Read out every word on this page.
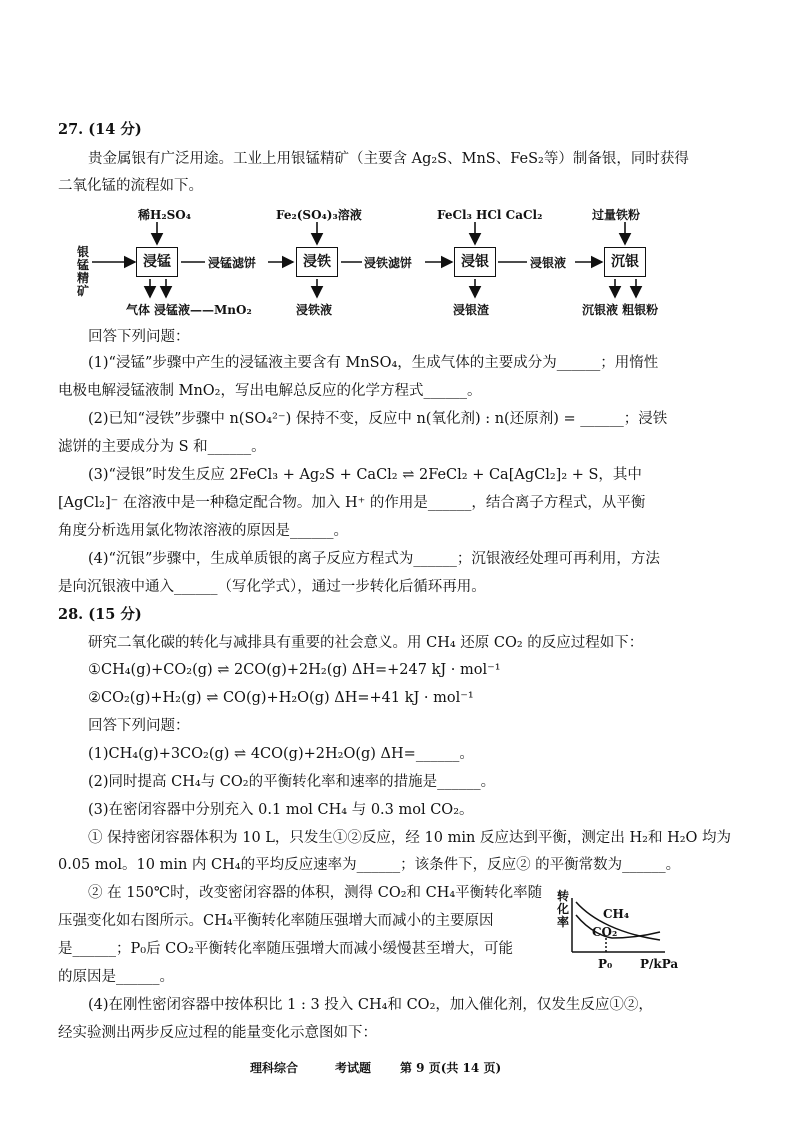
27. (14 分)
贵金属银有广泛用途。工业上用银锰精矿（主要含 Ag₂S、MnS、FeS₂等）制备银，同时获得
二氧化锰的流程如下。
稀H₂SO₄	Fe₂(SO₄)₃溶液	FeCl₃ HCl CaCl₂	过量铁粉
银锰精矿
浸锰	浸铁	浸银	沉银
浸锰滤饼	浸铁滤饼	浸银液
气体 浸锰液——MnO₂	浸铁液	浸银渣	沉银液 粗银粉
回答下列问题：
(1)“浸锰”步骤中产生的浸锰液主要含有 MnSO₄，生成气体的主要成分为______；用惰性
电极电解浸锰液制 MnO₂，写出电解总反应的化学方程式______。
(2)已知“浸铁”步骤中 n(SO₄²⁻) 保持不变，反应中 n(氧化剂) : n(还原剂) = ______；浸铁
滤饼的主要成分为 S 和______。
(3)“浸银”时发生反应 2FeCl₃ + Ag₂S + CaCl₂ ⇌ 2FeCl₂ + Ca[AgCl₂]₂ + S，其中
[AgCl₂]⁻ 在溶液中是一种稳定配合物。加入 H⁺ 的作用是______，结合离子方程式，从平衡
角度分析选用氯化物浓溶液的原因是______。
(4)“沉银”步骤中，生成单质银的离子反应方程式为______；沉银液经处理可再利用，方法
是向沉银液中通入______（写化学式），通过一步转化后循环再用。
28. (15 分)
研究二氧化碳的转化与减排具有重要的社会意义。用 CH₄ 还原 CO₂ 的反应过程如下：
①CH₄(g)+CO₂(g) ⇌ 2CO(g)+2H₂(g) ΔH=+247 kJ · mol⁻¹
②CO₂(g)+H₂(g) ⇌ CO(g)+H₂O(g) ΔH=+41 kJ · mol⁻¹
回答下列问题：
(1)CH₄(g)+3CO₂(g) ⇌ 4CO(g)+2H₂O(g) ΔH=______。
(2)同时提高 CH₄与 CO₂的平衡转化率和速率的措施是______。
(3)在密闭容器中分别充入 0.1 mol CH₄ 与 0.3 mol CO₂。
① 保持密闭容器体积为 10 L，只发生①②反应，经 10 min 反应达到平衡，测定出 H₂和 H₂O 均为
0.05 mol。10 min 内 CH₄的平均反应速率为______；该条件下，反应② 的平衡常数为______。
② 在 150℃时，改变密闭容器的体积，测得 CO₂和 CH₄平衡转化率随
压强变化如右图所示。CH₄平衡转化率随压强增大而减小的主要原因
是______；P₀后 CO₂平衡转化率随压强增大而减小缓慢甚至增大，可能
的原因是______。
转化率
CH₄
CO₂
P₀ P/kPa
(4)在刚性密闭容器中按体积比 1 : 3 投入 CH₄和 CO₂，加入催化剂，仅发生反应①②，
经实验测出两步反应过程的能量变化示意图如下：
理科综合	考试题 第 9 页(共 14 页)
